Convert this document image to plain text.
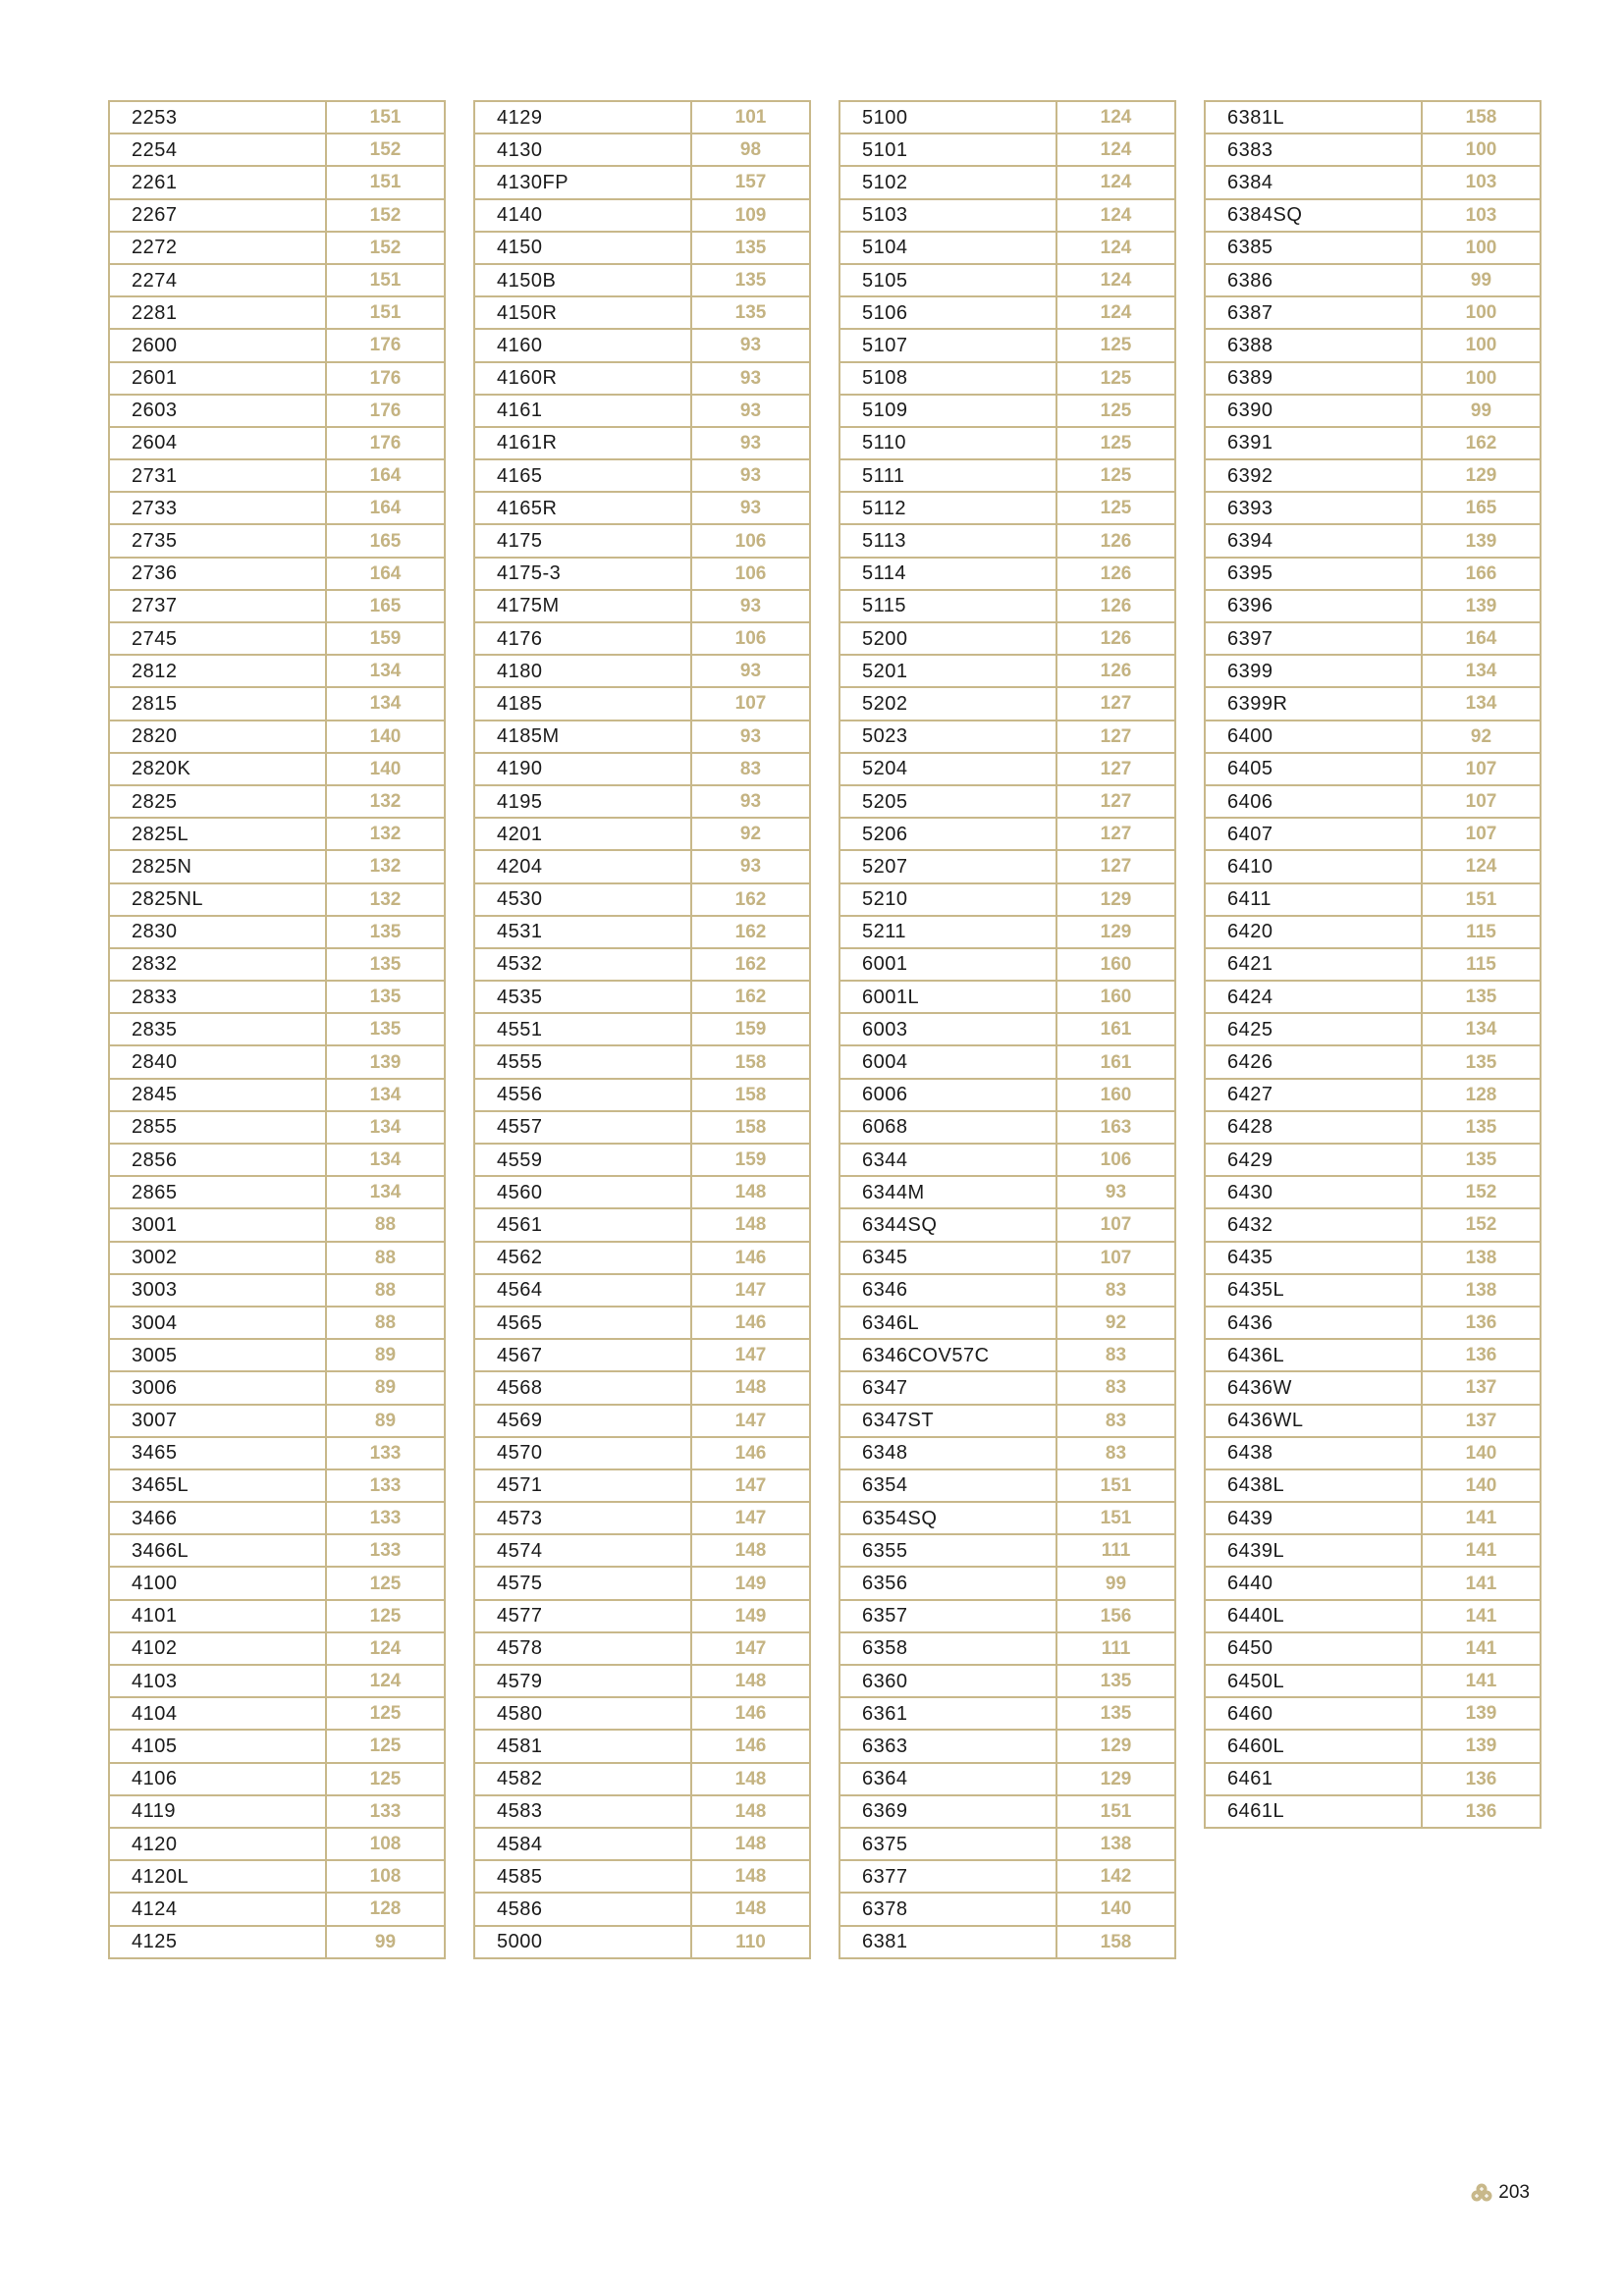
2253	151
2254	152
2261	151
2267	152
2272	152
2274	151
2281	151
2600	176
2601	176
2603	176
2604	176
2731	164
2733	164
2735	165
2736	164
2737	165
2745	159
2812	134
2815	134
2820	140
2820K	140
2825	132
2825L	132
2825N	132
2825NL	132
2830	135
2832	135
2833	135
2835	135
2840	139
2845	134
2855	134
2856	134
2865	134
3001	88
3002	88
3003	88
3004	88
3005	89
3006	89
3007	89
3465	133
3465L	133
3466	133
3466L	133
4100	125
4101	125
4102	124
4103	124
4104	125
4105	125
4106	125
4119	133
4120	108
4120L	108
4124	128
4125	99
4129	101
4130	98
4130FP	157
4140	109
4150	135
4150B	135
4150R	135
4160	93
4160R	93
4161	93
4161R	93
4165	93
4165R	93
4175	106
4175-3	106
4175M	93
4176	106
4180	93
4185	107
4185M	93
4190	83
4195	93
4201	92
4204	93
4530	162
4531	162
4532	162
4535	162
4551	159
4555	158
4556	158
4557	158
4559	159
4560	148
4561	148
4562	146
4564	147
4565	146
4567	147
4568	148
4569	147
4570	146
4571	147
4573	147
4574	148
4575	149
4577	149
4578	147
4579	148
4580	146
4581	146
4582	148
4583	148
4584	148
4585	148
4586	148
5000	110
5100	124
5101	124
5102	124
5103	124
5104	124
5105	124
5106	124
5107	125
5108	125
5109	125
5110	125
5111	125
5112	125
5113	126
5114	126
5115	126
5200	126
5201	126
5202	127
5023	127
5204	127
5205	127
5206	127
5207	127
5210	129
5211	129
6001	160
6001L	160
6003	161
6004	161
6006	160
6068	163
6344	106
6344M	93
6344SQ	107
6345	107
6346	83
6346L	92
6346COV57C	83
6347	83
6347ST	83
6348	83
6354	151
6354SQ	151
6355	111
6356	99
6357	156
6358	111
6360	135
6361	135
6363	129
6364	129
6369	151
6375	138
6377	142
6378	140
6381	158
6381L	158
6383	100
6384	103
6384SQ	103
6385	100
6386	99
6387	100
6388	100
6389	100
6390	99
6391	162
6392	129
6393	165
6394	139
6395	166
6396	139
6397	164
6399	134
6399R	134
6400	92
6405	107
6406	107
6407	107
6410	124
6411	151
6420	115
6421	115
6424	135
6425	134
6426	135
6427	128
6428	135
6429	135
6430	152
6432	152
6435	138
6435L	138
6436	136
6436L	136
6436W	137
6436WL	137
6438	140
6438L	140
6439	141
6439L	141
6440	141
6440L	141
6450	141
6450L	141
6460	139
6460L	139
6461	136
6461L	136
203
